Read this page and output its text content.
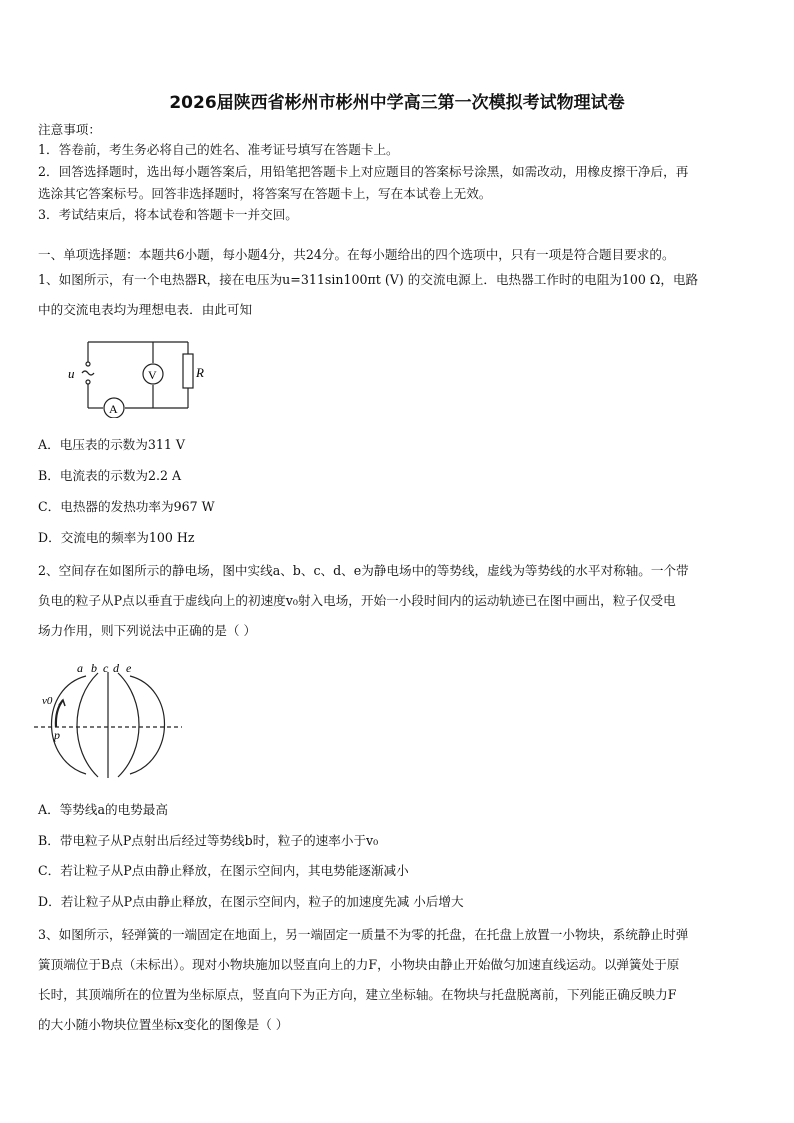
2026届陕西省彬州市彬州中学高三第一次模拟考试物理试卷
注意事项：
1．答卷前，考生务必将自己的姓名、准考证号填写在答题卡上。
2．回答选择题时，选出每小题答案后，用铅笔把答题卡上对应题目的答案标号涂黑，如需改动，用橡皮擦干净后，再
选涂其它答案标号。回答非选择题时，将答案写在答题卡上，写在本试卷上无效。
3．考试结束后，将本试卷和答题卡一并交回。
一、单项选择题：本题共6小题，每小题4分，共24分。在每小题给出的四个选项中，只有一项是符合题目要求的。
1、如图所示，有一个电热器R，接在电压为u=311sin100πt (V) 的交流电源上．电热器工作时的电阻为100 Ω，电路
中的交流电表均为理想电表．由此可知
u	V
A
R
A．电压表的示数为311 V
B．电流表的示数为2.2 A
C．电热器的发热功率为967 W
D．交流电的频率为100 Hz
2、空间存在如图所示的静电场，图中实线a、b、c、d、e为静电场中的等势线，虚线为等势线的水平对称轴。一个带
负电的粒子从P点以垂直于虚线向上的初速度v₀射入电场，开始一小段时间内的运动轨迹已在图中画出，粒子仅受电
场力作用，则下列说法中正确的是（ ）
a b c d e
v0
p
A．等势线a的电势最高
B．带电粒子从P点射出后经过等势线b时，粒子的速率小于v₀
C．若让粒子从P点由静止释放，在图示空间内，其电势能逐渐减小
D．若让粒子从P点由静止释放，在图示空间内，粒子的加速度先减 小后增大
3、如图所示，轻弹簧的一端固定在地面上，另一端固定一质量不为零的托盘，在托盘上放置一小物块，系统静止时弹
簧顶端位于B点（未标出）。现对小物块施加以竖直向上的力F，小物块由静止开始做匀加速直线运动。以弹簧处于原
长时，其顶端所在的位置为坐标原点，竖直向下为正方向，建立坐标轴。在物块与托盘脱离前，下列能正确反映力F
的大小随小物块位置坐标x变化的图像是（ ）
